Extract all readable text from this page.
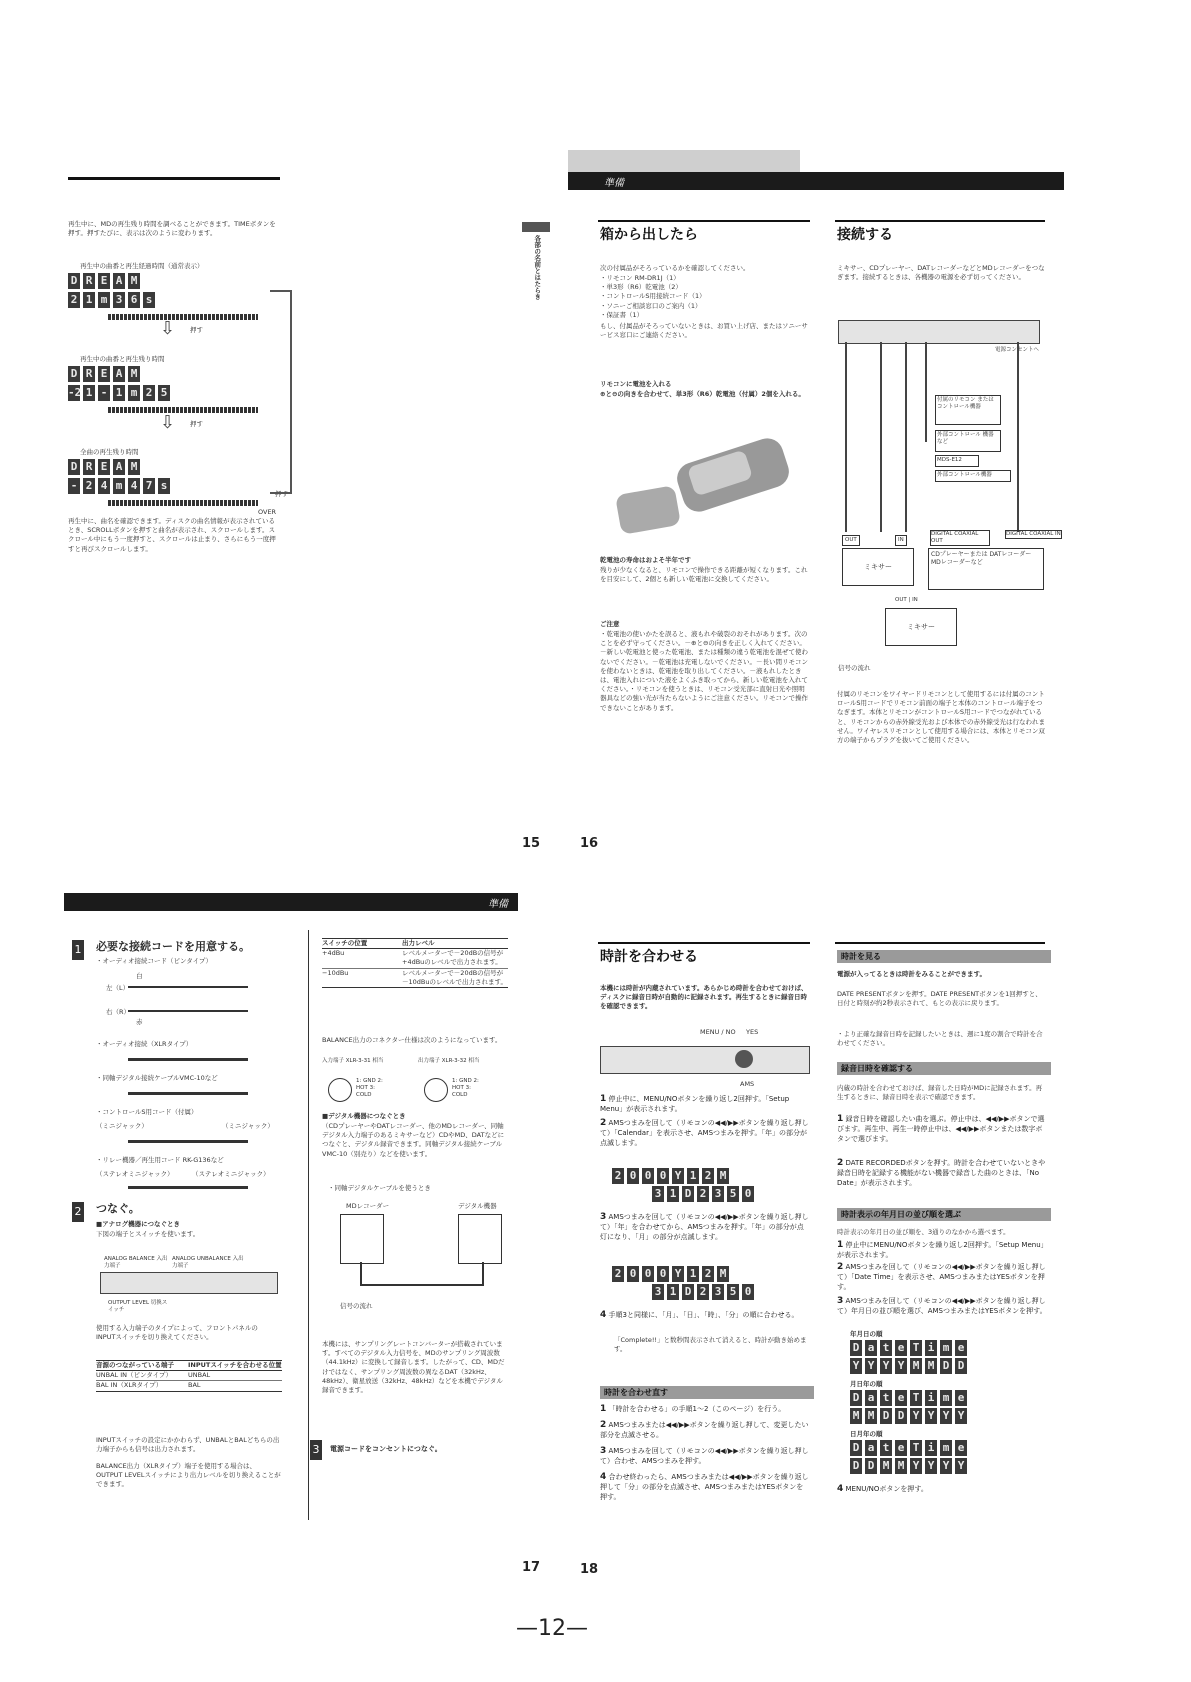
再生中に、MDの再生残り時間を調べることができます。TIMEボタンを押す。押すたびに、表示は次のように変わります。
再生中の曲番と再生経過時間（通常表示）
D R E A M
2 1 m 3 6 s
押す
⇩
再生中の曲番と再生残り時間
D R E A M
-2 1 - 1 m 2 5
押す
⇩
全曲の再生残り時間
D R E A M
- 2 4 m 4 7 s
押す
OVER
再生中に、曲名を確認できます。ディスクの曲名情報が表示されているとき、SCROLLボタンを押すと曲名が表示され、スクロールします。スクロール中にもう一度押すと、スクロールは止まり、さらにもう一度押すと再びスクロールします。
15
準備
各部の名前とはたらき	箱から出したら
次の付属品がそろっているかを確認してください。
・リモコン RM-DR1J（1）
・単3形（R6）乾電池（2）
・コントロールS用接続コード（1）
・ソニーご相談窓口のご案内（1）
・保証書（1）
もし、付属品がそろっていないときは、お買い上げ店、またはソニーサービス窓口にご連絡ください。
リモコンに電池を入れる
⊕と⊖の向きを合わせて、単3形（R6）乾電池（付属）2個を入れる。
乾電池の寿命はおよそ半年です
残りが少なくなると、リモコンで操作できる距離が短くなります。これを目安にして、2個とも新しい乾電池に交換してください。
ご注意
・乾電池の使いかたを誤ると、液もれや破裂のおそれがあります。次のことを必ず守ってください。－⊕と⊖の向きを正しく入れてください。－新しい乾電池と使った乾電池、または種類の違う乾電池を混ぜて使わないでください。－乾電池は充電しないでください。－長い間リモコンを使わないときは、乾電池を取り出してください。－液もれしたときは、電池入れについた液をよくふき取ってから、新しい乾電池を入れてください。・リモコンを使うときは、リモコン受光部に直射日光や照明器具などの強い光が当たらないようにご注意ください。リモコンで操作できないことがあります。
接続する
ミキサー、CDプレーヤー、DATレコーダーなどとMDレコーダーをつなぎます。接続するときは、各機器の電源を必ず切ってください。
電源コンセントへ
付属のリモコン または コントロール機器
外部コントロール 機器など
MDS-E12
外部コントロール機器
OUT	IN
DIGITAL COAXIAL OUT
DIGITAL COAXIAL IN
ミキサー
CDプレーヤーまたは DATレコーダー MDレコーダーなど
OUT | IN
ミキサー
信号の流れ
付属のリモコンをワイヤードリモコンとして使用するには付属のコントロールS用コードでリモコン前面の端子と本体のコントロール端子をつなぎます。本体とリモコンがコントロールS用コードでつながれていると、リモコンからの赤外線受光および本体での赤外線受光は行なわれません。ワイヤレスリモコンとして使用する場合には、本体とリモコン双方の端子からプラグを抜いてご使用ください。
16
準備
1 必要な接続コードを用意する。
・オーディオ接続コード（ピンタイプ）
左（L）
右（R）
白
赤
・オーディオ接続（XLRタイプ）
・同軸デジタル接続ケーブルVMC-10など
・コントロールS用コード（付属）
（ミニジャック）	（ミニジャック）
・リレー機器／再生用コード RK-G136など
（ステレオミニジャック）	（ステレオミニジャック）
2 つなぐ。
■アナログ機器につなぐとき
下図の端子とスイッチを使います。
ANALOG BALANCE 入出力端子
ANALOG UNBALANCE 入出力端子
OUTPUT LEVEL 切換スイッチ
使用する入力端子のタイプによって、フロントパネルのINPUTスイッチを切り換えてください。
音源のつながっている端子	INPUTスイッチを合わせる位置
UNBAL IN（ピンタイプ）	UNBAL
BAL IN（XLRタイプ）	BAL
INPUTスイッチの設定にかかわらず、UNBALとBALどちらの出力端子からも信号は出力されます。
BALANCE出力（XLRタイプ）端子を使用する場合は、OUTPUT LEVELスイッチにより出力レベルを切り換えることができます。
スイッチの位置	出力レベル
+4dBu	レベルメーターで－20dBの信号が+4dBuのレベルで出力されます。
−10dBu	レベルメーターで－20dBの信号が－10dBuのレベルで出力されます。
BALANCE出力のコネクター仕様は次のようになっています。
入力端子 XLR-3-31 相当	出力端子 XLR-3-32 相当
1: GND 2: HOT 3: COLD
1: GND 2: HOT 3: COLD
■デジタル機器につなぐとき
（CDプレーヤーやDATレコーダー、他のMDレコーダー、同軸デジタル入力端子のあるミキサーなど）CDやMD、DATなどにつなぐと、デジタル録音できます。同軸デジタル接続ケーブルVMC-10（別売り）などを使います。
・同軸デジタルケーブルを使うとき
MDレコーダー	デジタル機器
信号の流れ
本機には、サンプリングレートコンバーターが搭載されています。すべてのデジタル入力信号を、MDのサンプリング周波数（44.1kHz）に変換して録音します。したがって、CD、MDだけではなく、サンプリング周波数の異なるDAT（32kHz、48kHz）、衛星放送（32kHz、48kHz）などを本機でデジタル録音できます。
3	電源コードをコンセントにつなぐ。
17
時計を合わせる
本機には時計が内蔵されています。あらかじめ時計を合わせておけば、ディスクに録音日時が自動的に記録されます。再生するときに録音日時を確認できます。
MENU / NO YES
AMS
1 停止中に、MENU/NOボタンを繰り返し2回押す。「Setup Menu」が表示されます。
2 AMSつまみを回して（リモコンの◀◀/▶▶ボタンを繰り返し押して）「Calendar」を表示させ、AMSつまみを押す。「年」の部分が点滅します。
2 0 0 0 Y 1 2 M
3 1 D 2 3 5 0
3 AMSつまみを回して（リモコンの◀◀/▶▶ボタンを繰り返し押して）「年」を合わせてから、AMSつまみを押す。「年」の部分が点灯になり、「月」の部分が点滅します。
2 0 0 0 Y 1 2 M
3 1 D 2 3 5 0
4 手順3と同様に、「月」、「日」、「時」、「分」の順に合わせる。
「Complete!!」と数秒間表示されて消えると、時計が動き始めます。
時計を合わせ直す
1 「時計を合わせる」の手順1〜2（このページ）を行う。
2 AMSつまみまたは◀◀/▶▶ボタンを繰り返し押して、変更したい部分を点滅させる。
3 AMSつまみを回して（リモコンの◀◀/▶▶ボタンを繰り返し押して）合わせ、AMSつまみを押す。
4 合わせ終わったら、AMSつまみまたは◀◀/▶▶ボタンを繰り返し押して「分」の部分を点滅させ、AMSつまみまたはYESボタンを押す。
時計を見る
電源が入ってるときは時計をみることができます。
DATE PRESENTボタンを押す。DATE PRESENTボタンを1回押すと、日付と時刻が約2秒表示されて、もとの表示に戻ります。
・より正確な録音日時を記録したいときは、週に1度の割合で時計を合わせてください。
録音日時を確認する
内蔵の時計を合わせておけば、録音した日時がMDに記録されます。再生するときに、録音日時を表示で確認できます。
1 録音日時を確認したい曲を選ぶ。停止中は、◀◀/▶▶ボタンで選びます。再生中、再生一時停止中は、◀◀/▶▶ボタンまたは数字ボタンで選びます。
2 DATE RECORDEDボタンを押す。時計を合わせていないときや録音日時を記録する機能がない機器で録音した曲のときは、「No Date」が表示されます。
時計表示の年月日の並び順を選ぶ
時計表示の年月日の並び順を、3通りのなかから選べます。
1 停止中にMENU/NOボタンを繰り返し2回押す。「Setup Menu」が表示されます。
2 AMSつまみを回して（リモコンの◀◀/▶▶ボタンを繰り返し押して）「Date Time」を表示させ、AMSつまみまたはYESボタンを押す。
3 AMSつまみを回して（リモコンの◀◀/▶▶ボタンを繰り返し押して）年月日の並び順を選び、AMSつまみまたはYESボタンを押す。
年月日の順
D a t e T i m e
Y Y Y Y M M D D
月日年の順
D a t e T i m e
M M D D Y Y Y Y
日月年の順
D a t e T i m e
D D M M Y Y Y Y
4 MENU/NOボタンを押す。
18
—12—
